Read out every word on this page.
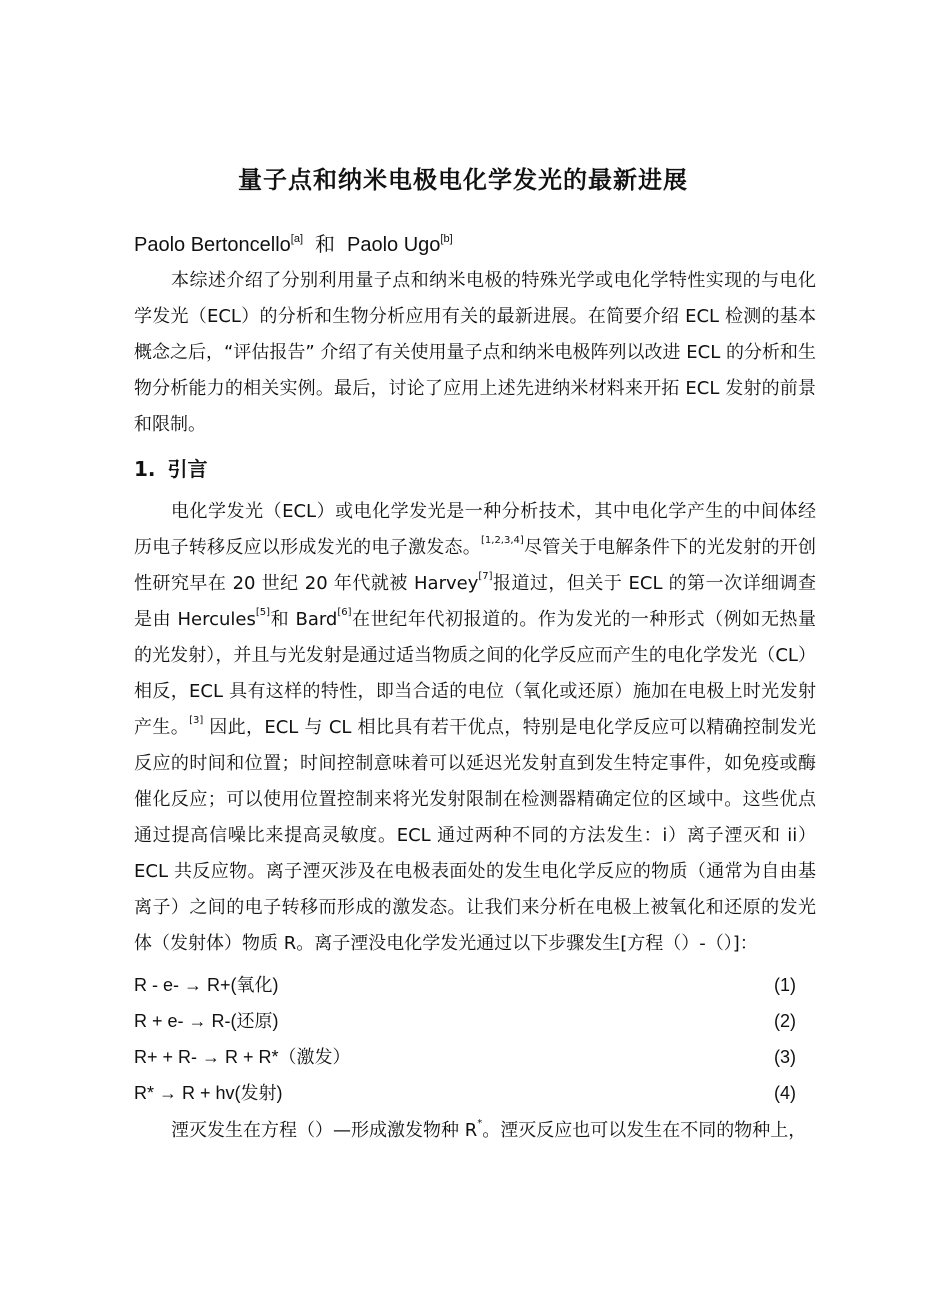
量子点和纳米电极电化学发光的最新进展
Paolo Bertoncello[a] 和 Paolo Ugo[b]
本综述介绍了分别利用量子点和纳米电极的特殊光学或电化学特性实现的与电化学发光（ECL）的分析和生物分析应用有关的最新进展。在简要介绍 ECL 检测的基本概念之后，“评估报告” 介绍了有关使用量子点和纳米电极阵列以改进 ECL 的分析和生物分析能力的相关实例。最后，讨论了应用上述先进纳米材料来开拓 ECL 发射的前景和限制。
1. 引言
电化学发光（ECL）或电化学发光是一种分析技术，其中电化学产生的中间体经历电子转移反应以形成发光的电子激发态。[1,2,3,4]尽管关于电解条件下的光发射的开创性研究早在 20 世纪 20 年代就被 Harvey[7]报道过，但关于 ECL 的第一次详细调查是由 Hercules[5]和 Bard[6]在世纪年代初报道的。作为发光的一种形式（例如无热量的光发射），并且与光发射是通过适当物质之间的化学反应而产生的电化学发光（CL）相反，ECL 具有这样的特性，即当合适的电位（氧化或还原）施加在电极上时光发射产生。[3] 因此，ECL 与 CL 相比具有若干优点，特别是电化学反应可以精确控制发光反应的时间和位置；时间控制意味着可以延迟光发射直到发生特定事件，如免疫或酶催化反应；可以使用位置控制来将光发射限制在检测器精确定位的区域中。这些优点通过提高信噪比来提高灵敏度。ECL 通过两种不同的方法发生：i）离子湮灭和 ii）ECL 共反应物。离子湮灭涉及在电极表面处的发生电化学反应的物质（通常为自由基离子）之间的电子转移而形成的激发态。让我们来分析在电极上被氧化和还原的发光体（发射体）物质 R。离子湮没电化学发光通过以下步骤发生[方程（）-（）]：
R - e- → R+(氧化)	(1)
R + e- → R-(还原)	(2)
R+ + R- → R + R*（激发）	(3)
R* → R + hv(发射)	(4)
湮灭发生在方程（）—形成激发物种 R*。湮灭反应也可以发生在不同的物种上，
